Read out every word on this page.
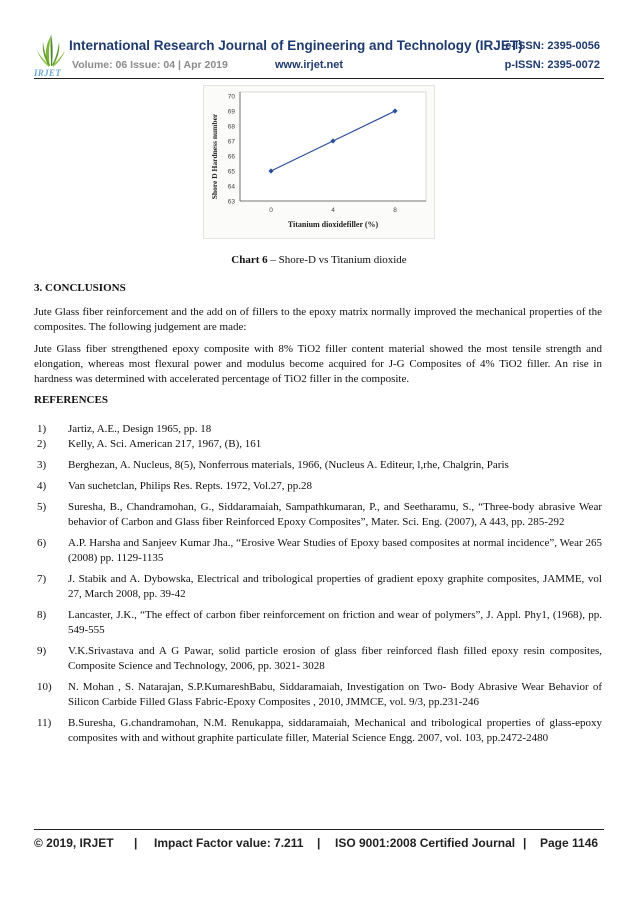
IRJET
International Research Journal of Engineering and Technology (IRJET)
e-ISSN: 2395-0056
Volume: 06 Issue: 04 | Apr 2019	www.irjet.net	p-ISSN: 2395-0072
63
64
65
66
67
68
69
70
0	4	8
Titanium dioxidefiller (%)
Shore D Hardness number
Chart 6 – Shore-D vs Titanium dioxide
3. CONCLUSIONS
Jute Glass fiber reinforcement and the add on of fillers to the epoxy matrix normally improved the mechanical properties of the composites. The following judgement are made:
Jute Glass fiber strengthened epoxy composite with 8% TiO2 filler content material showed the most tensile strength and elongation, whereas most flexural power and modulus become acquired for J-G Composites of 4% TiO2 filler. An rise in hardness was determined with accelerated percentage of TiO2 filler in the composite.
REFERENCES
1) Jartiz, A.E., Design 1965, pp. 18
2) Kelly, A. Sci. American 217, 1967, (B), 161
3) Berghezan, A. Nucleus, 8(5), Nonferrous materials, 1966, (Nucleus A. Editeur, l,rhe, Chalgrin, Paris
4) Van suchetclan, Philips Res. Repts. 1972, Vol.27, pp.28
5) Suresha, B., Chandramohan, G., Siddaramaiah, Sampathkumaran, P., and Seetharamu, S., “Three-body abrasive Wear behavior of Carbon and Glass fiber Reinforced Epoxy Composites”, Mater. Sci. Eng. (2007), A 443, pp. 285-292
6) A.P. Harsha and Sanjeev Kumar Jha., “Erosive Wear Studies of Epoxy based composites at normal incidence”, Wear 265 (2008) pp. 1129-1135
7) J. Stabik and A. Dybowska, Electrical and tribological properties of gradient epoxy graphite composites, JAMME, vol 27, March 2008, pp. 39-42
8) Lancaster, J.K., “The effect of carbon fiber reinforcement on friction and wear of polymers”, J. Appl. Phy1, (1968), pp. 549-555
9) V.K.Srivastava and A G Pawar, solid particle erosion of glass fiber reinforced flash filled epoxy resin composites, Composite Science and Technology, 2006, pp. 3021- 3028
10) N. Mohan , S. Natarajan, S.P.KumareshBabu, Siddaramaiah, Investigation on Two- Body Abrasive Wear Behavior of Silicon Carbide Filled Glass Fabric-Epoxy Composites , 2010, JMMCE, vol. 9/3, pp.231-246
11) B.Suresha, G.chandramohan, N.M. Renukappa, siddaramaiah, Mechanical and tribological properties of glass-epoxy composites with and without graphite particulate filler, Material Science Engg. 2007, vol. 103, pp.2472-2480
© 2019, IRJET | Impact Factor value: 7.211 | ISO 9001:2008 Certified Journal | Page 1146
